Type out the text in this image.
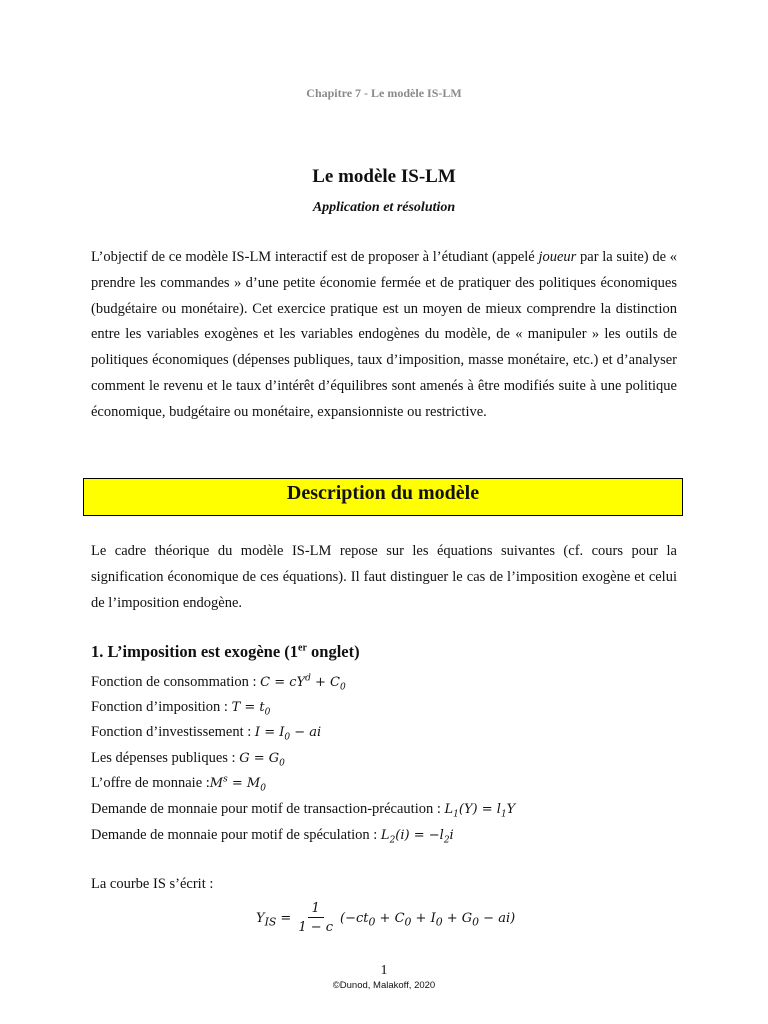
Chapitre 7 - Le modèle IS-LM
Le modèle IS-LM
Application et résolution

L’objectif de ce modèle IS-LM interactif est de proposer à l’étudiant (appelé joueur par la suite) de « prendre les commandes » d’une petite économie fermée et de pratiquer des politiques économiques (budgétaire ou monétaire). Cet exercice pratique est un moyen de mieux comprendre la distinction entre les variables exogènes et les variables endogènes du modèle, de « manipuler » les outils de politiques économiques (dépenses publiques, taux d’imposition, masse monétaire, etc.) et d’analyser comment le revenu et le taux d’intérêt d’équilibres sont amenés à être modifiés suite à une politique économique, budgétaire ou monétaire, expansionniste ou restrictive.

Description du modèle

Le cadre théorique du modèle IS-LM repose sur les équations suivantes (cf. cours pour la signification économique de ces équations). Il faut distinguer le cas de l’imposition exogène et celui de l’imposition endogène.

1. L’imposition est exogène (1er onglet)
Fonction de consommation : $C = cY^d + C_0$
Fonction d’imposition : $T = t_0$
Fonction d’investissement : $I = I_0$ − ai
Les dépenses publiques : $G = G_0$
L’offre de monnaie $:M^s = M_0$
Demande de monnaie pour motif de transaction-précaution : $L_1(Y) = l_1Y$
Demande de monnaie pour motif de spéculation : $L_2(i) = -l_2i$
La courbe IS s’écrit :
$Y_{IS} = \frac{1}{1 - c} (-ct_0 + C_0 + I_0 + G_0 - ai)$
1
©Dunod, Malakoff, 2020
